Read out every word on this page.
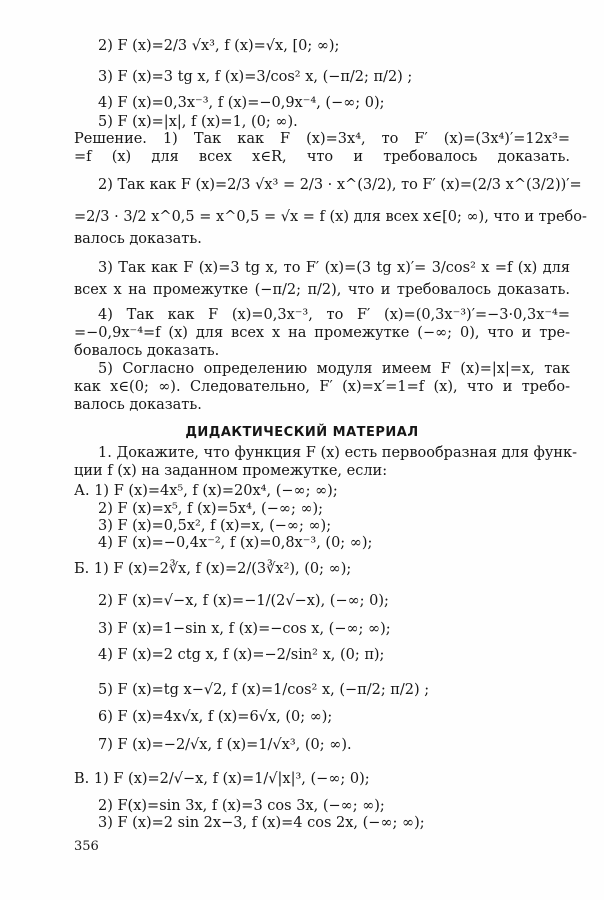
2) F (x)=2/3 √x³, f (x)=√x, [0; ∞);
3) F (x)=3 tg x, f (x)=3/cos² x, (−π/2; π/2) ;
4) F (x)=0,3x⁻³, f (x)=−0,9x⁻⁴, (−∞; 0);
5) F (x)=|x|, f (x)=1, (0; ∞).
Решение. 1) Так как F (x)=3x⁴, то F′ (x)=(3x⁴)′=12x³=
=f (x) для всех x∈R, что и требовалось доказать.
2) Так как F (x)=2/3 √x³ = 2/3 · x^(3/2), то F′ (x)=(2/3 x^(3/2))′=
=2/3 · 3/2 x^0,5 = x^0,5 = √x = f (x) для всех x∈[0; ∞), что и требо-
валось доказать.
3) Так как F (x)=3 tg x, то F′ (x)=(3 tg x)′= 3/cos² x =f (x) для
всех x на промежутке (−π/2; π/2), что и требовалось доказать.
4) Так как F (x)=0,3x⁻³, то F′ (x)=(0,3x⁻³)′=−3·0,3x⁻⁴=
=−0,9x⁻⁴=f (x) для всех x на промежутке (−∞; 0), что и тре-
бовалось доказать.
5) Согласно определению модуля имеем F (x)=|x|=x, так
как x∈(0; ∞). Следовательно, F′ (x)=x′=1=f (x), что и требо-
валось доказать.
ДИДАКТИЧЕСКИЙ МАТЕРИАЛ
1. Докажите, что функция F (x) есть первообразная для функ-
ции f (x) на заданном промежутке, если:
А. 1) F (x)=4x⁵, f (x)=20x⁴, (−∞; ∞);
2) F (x)=x⁵, f (x)=5x⁴, (−∞; ∞);
3) F (x)=0,5x², f (x)=x, (−∞; ∞);
4) F (x)=−0,4x⁻², f (x)=0,8x⁻³, (0; ∞);
Б. 1) F (x)=2∛x, f (x)=2/(3∛x²), (0; ∞);
2) F (x)=√−x, f (x)=−1/(2√−x), (−∞; 0);
3) F (x)=1−sin x, f (x)=−cos x, (−∞; ∞);
4) F (x)=2 ctg x, f (x)=−2/sin² x, (0; π);
5) F (x)=tg x−√2, f (x)=1/cos² x, (−π/2; π/2) ;
6) F (x)=4x√x, f (x)=6√x, (0; ∞);
7) F (x)=−2/√x, f (x)=1/√x³, (0; ∞).
В. 1) F (x)=2/√−x, f (x)=1/√|x|³, (−∞; 0);
2) F(x)=sin 3x, f (x)=3 cos 3x, (−∞; ∞);
3) F (x)=2 sin 2x−3, f (x)=4 cos 2x, (−∞; ∞);
356
